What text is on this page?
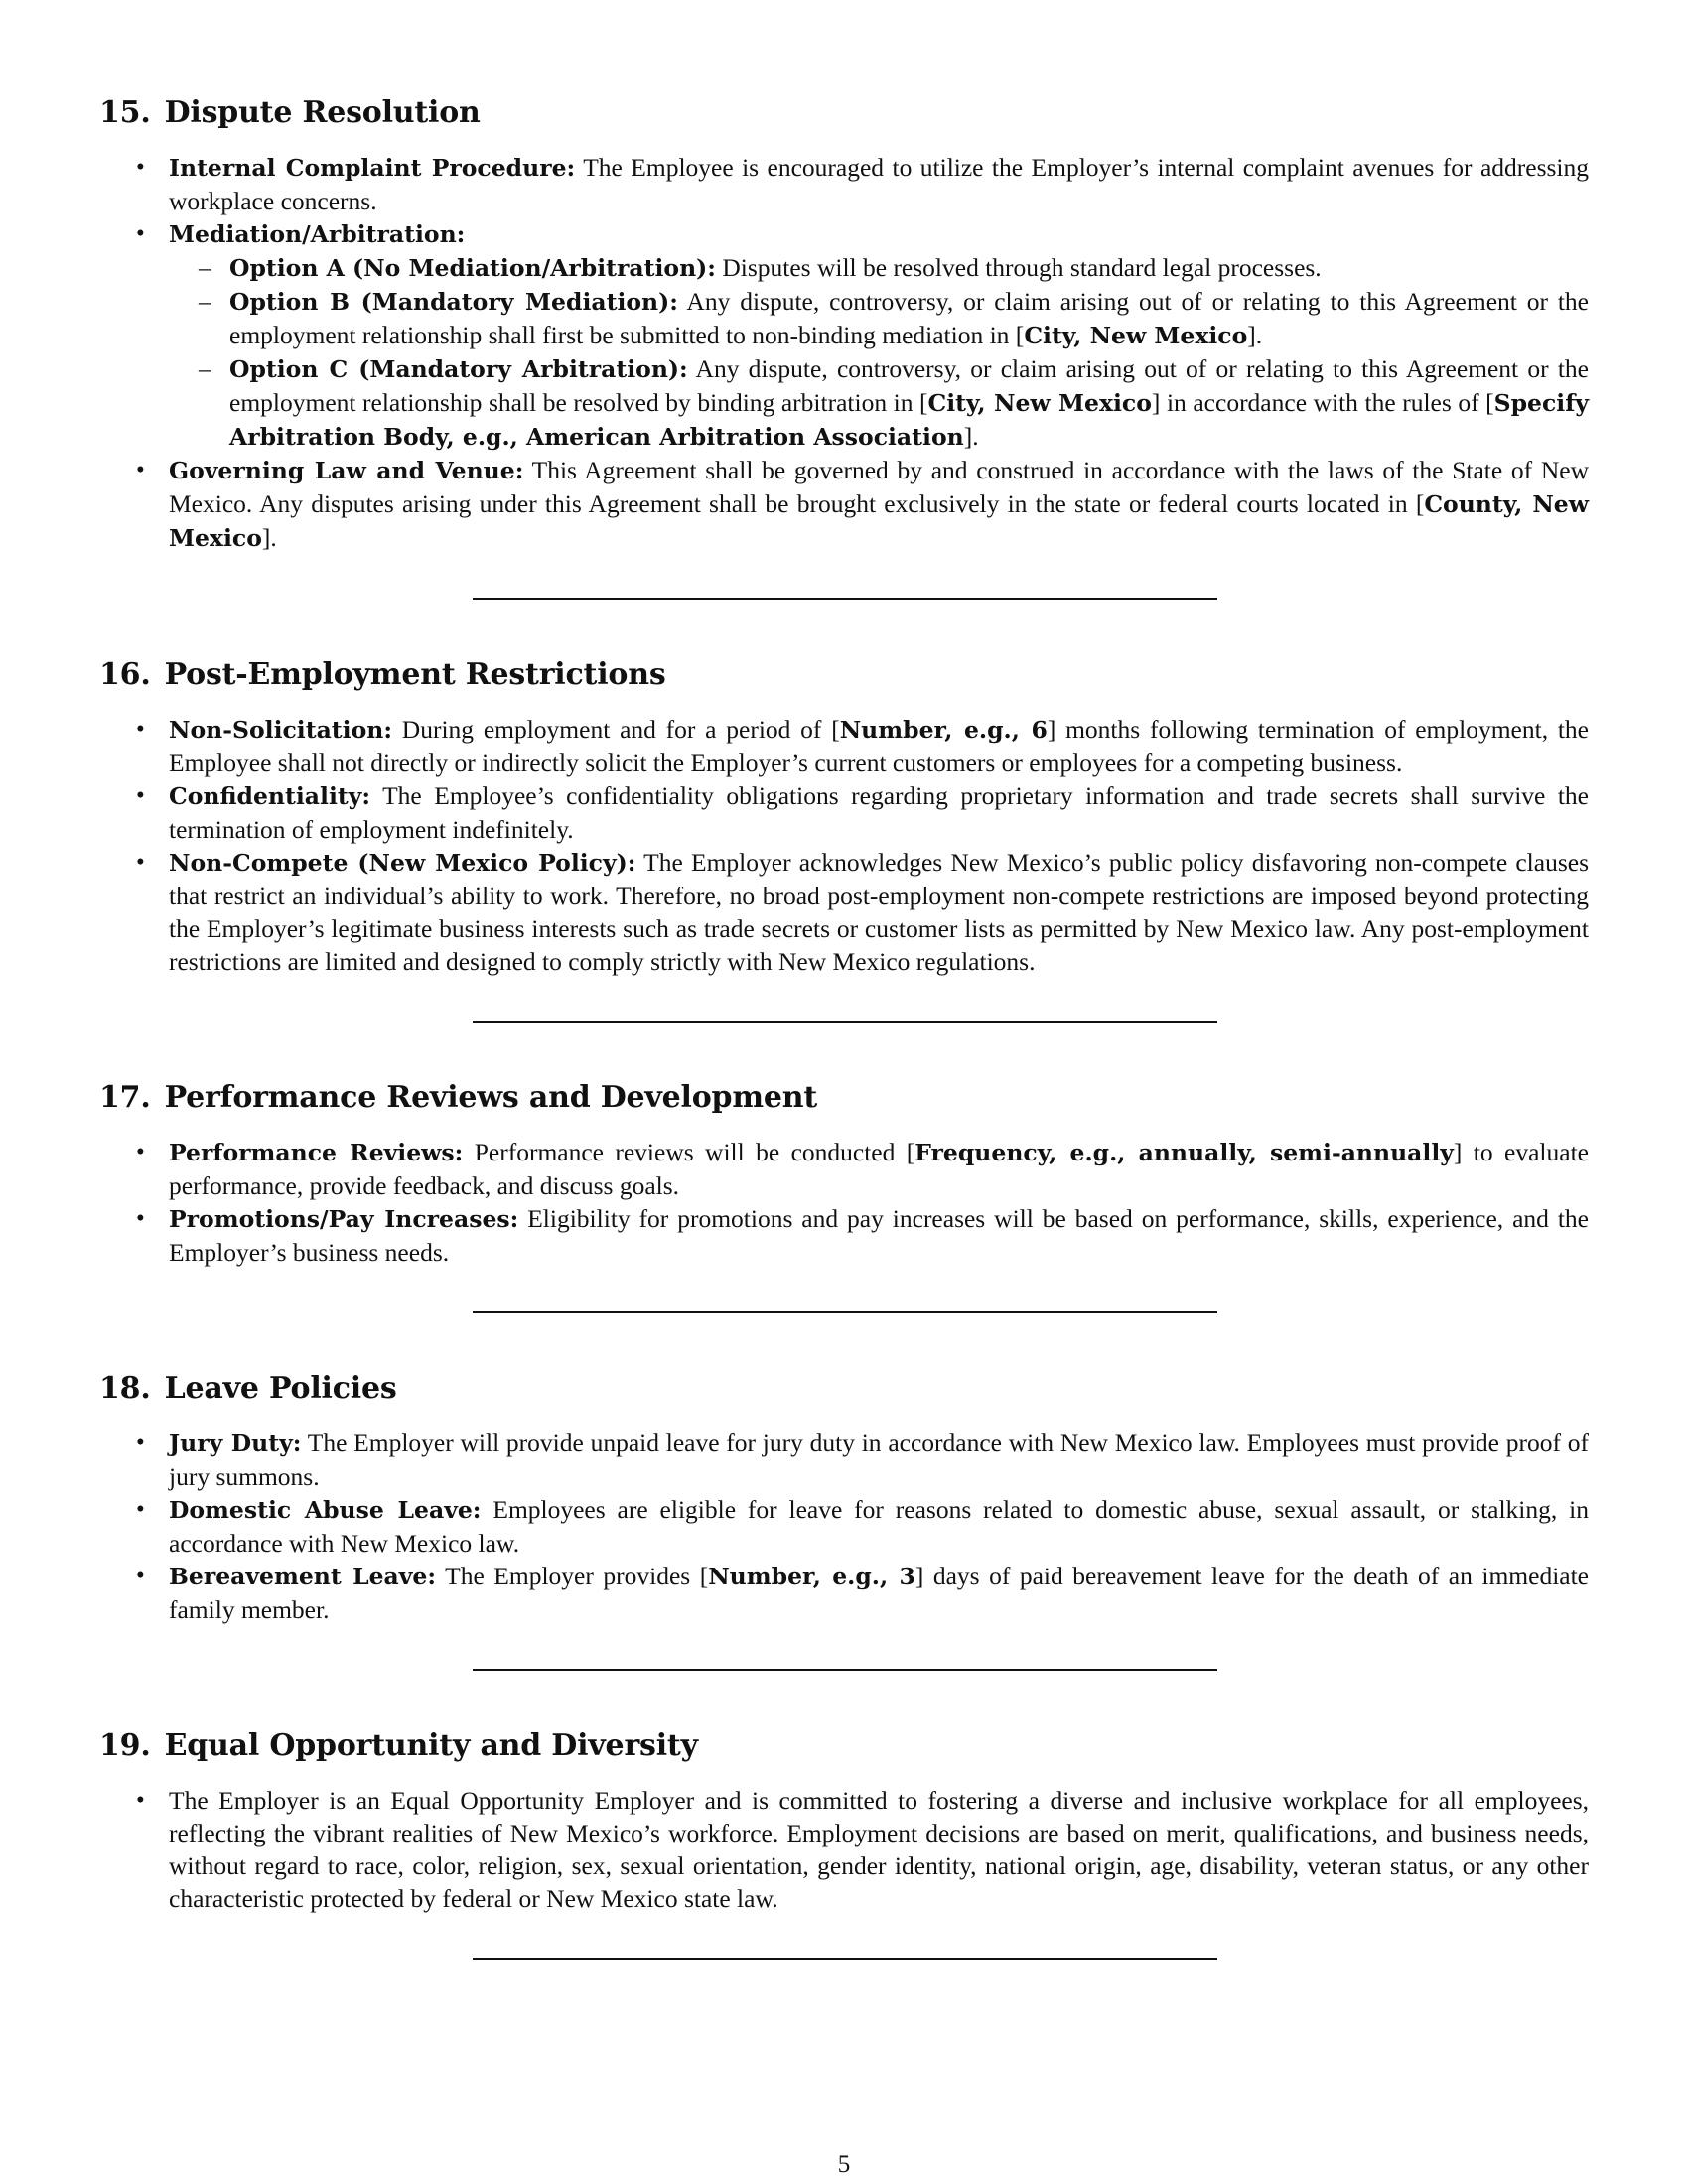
15. Dispute Resolution
• Internal Complaint Procedure: The Employee is encouraged to utilize the Employer’s internal complaint avenues for addressing workplace concerns.
• Mediation/Arbitration:
– Option A (No Mediation/Arbitration): Disputes will be resolved through standard legal processes.
– Option B (Mandatory Mediation): Any dispute, controversy, or claim arising out of or relating to this Agreement or the employment relationship shall first be submitted to non-binding mediation in [City, New Mexico].
– Option C (Mandatory Arbitration): Any dispute, controversy, or claim arising out of or relating to this Agreement or the employment relationship shall be resolved by binding arbitration in [City, New Mexico] in accordance with the rules of [Specify Arbitration Body, e.g., American Arbitration Association].
• Governing Law and Venue: This Agreement shall be governed by and construed in accordance with the laws of the State of New Mexico. Any disputes arising under this Agreement shall be brought exclusively in the state or federal courts located in [County, New Mexico].
16. Post-Employment Restrictions
• Non-Solicitation: During employment and for a period of [Number, e.g., 6] months following termination of employment, the Employee shall not directly or indirectly solicit the Employer’s current customers or employees for a competing business.
• Confidentiality: The Employee’s confidentiality obligations regarding proprietary information and trade secrets shall survive the termination of employment indefinitely.
• Non-Compete (New Mexico Policy): The Employer acknowledges New Mexico’s public policy disfavoring non-compete clauses that restrict an individual’s ability to work. Therefore, no broad post-employment non-compete restrictions are imposed beyond protecting the Employer’s legitimate business interests such as trade secrets or customer lists as permitted by New Mexico law. Any post-employment restrictions are limited and designed to comply strictly with New Mexico regulations.
17. Performance Reviews and Development
• Performance Reviews: Performance reviews will be conducted [Frequency, e.g., annually, semi-annually] to evaluate performance, provide feedback, and discuss goals.
• Promotions/Pay Increases: Eligibility for promotions and pay increases will be based on performance, skills, experience, and the Employer’s business needs.
18. Leave Policies
• Jury Duty: The Employer will provide unpaid leave for jury duty in accordance with New Mexico law. Employees must provide proof of jury summons.
• Domestic Abuse Leave: Employees are eligible for leave for reasons related to domestic abuse, sexual assault, or stalking, in accordance with New Mexico law.
• Bereavement Leave: The Employer provides [Number, e.g., 3] days of paid bereavement leave for the death of an immediate family member.
19. Equal Opportunity and Diversity
• The Employer is an Equal Opportunity Employer and is committed to fostering a diverse and inclusive workplace for all employees, reflecting the vibrant realities of New Mexico’s workforce. Employment decisions are based on merit, qualifications, and business needs, without regard to race, color, religion, sex, sexual orientation, gender identity, national origin, age, disability, veteran status, or any other characteristic protected by federal or New Mexico state law.
5
